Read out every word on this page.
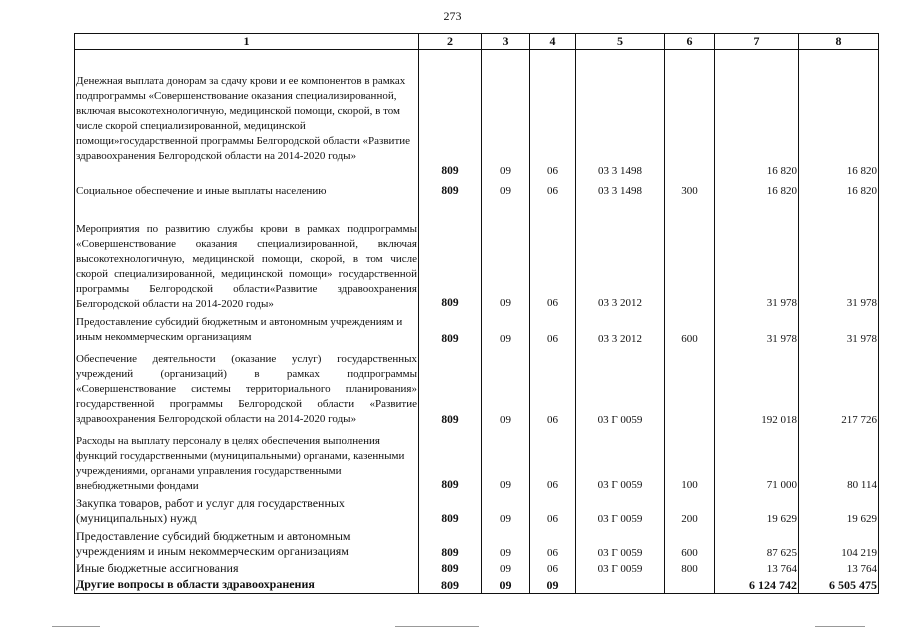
273
1	2	3	4	5	6	7	8
Денежная выплата донорам за сдачу крови и ее компонентов в рамках подпрограммы «Совершенствование оказания специализированной, включая высокотехнологичную, медицинской помощи, скорой, в том числе скорой специализированной, медицинской помощи»государственной программы Белгородской области «Развитие здравоохранения Белгородской области на 2014-2020 годы»	809	09	06	03 3 1498		16 820	16 820
Социальное обеспечение и иные выплаты населению	809	09	06	03 3 1498	300	16 820	16 820
Мероприятия по развитию службы крови в рамках подпрограммы «Совершенствование оказания специализированной, включая высокотехнологичную, медицинской помощи, скорой, в том числе скорой специализированной, медицинской помощи» государственной программы Белгородской области«Развитие здравоохранения Белгородской области на 2014-2020 годы»	809	09	06	03 3 2012		31 978	31 978
Предоставление субсидий бюджетным и автономным учреждениям и иным некоммерческим организациям	809	09	06	03 3 2012	600	31 978	31 978
Обеспечение деятельности (оказание услуг) государственных учреждений (организаций) в рамках подпрограммы «Совершенствование системы территориального планирования» государственной программы Белгородской области «Развитие здравоохранения Белгородской области на 2014-2020 годы»	809	09	06	03 Г 0059		192 018	217 726
Расходы на выплату персоналу в целях обеспечения выполнения функций государственными (муниципальными) органами, казенными учреждениями, органами управления государственными внебюджетными фондами	809	09	06	03 Г 0059	100	71 000	80 114
Закупка товаров, работ и услуг для государственных (муниципальных) нужд	809	09	06	03 Г 0059	200	19 629	19 629
Предоставление субсидий бюджетным и автономным учреждениям и иным некоммерческим организациям	809	09	06	03 Г 0059	600	87 625	104 219
Иные бюджетные ассигнования	809	09	06	03 Г 0059	800	13 764	13 764
Другие вопросы в области здравоохранения	809	09	09			6 124 742	6 505 475
